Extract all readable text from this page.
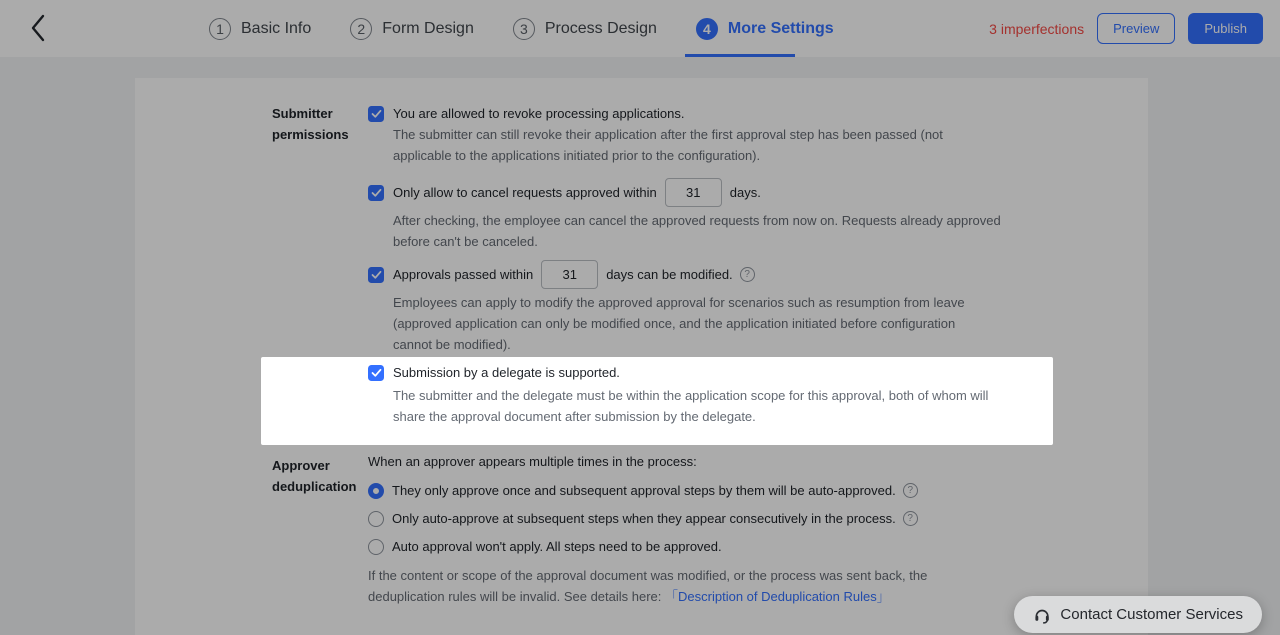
1	Basic Info	2	Form Design	3	Process Design	4	More Settings	3 imperfections	Preview	Publish
Submitter
permissions
You are allowed to revoke processing applications.
The submitter can still revoke their application after the first approval step has been passed (not
applicable to the applications initiated prior to the configuration).
Only allow to cancel requests approved within
31	days.
After checking, the employee can cancel the approved requests from now on. Requests already approved
before can't be canceled.
Approvals passed within
31	days can be modified.	?
Employees can apply to modify the approved approval for scenarios such as resumption from leave
(approved application can only be modified once, and the application initiated before configuration
cannot be modified).
Submission by a delegate is supported.
The submitter and the delegate must be within the application scope for this approval, both of whom will
share the approval document after submission by the delegate.
Approver
deduplication
When an approver appears multiple times in the process:
They only approve once and subsequent approval steps by them will be auto-approved.	?
Only auto-approve at subsequent steps when they appear consecutively in the process.	?
Auto approval won't apply. All steps need to be approved.
If the content or scope of the approval document was modified, or the process was sent back, the
deduplication rules will be invalid. See details here: 「Description of Deduplication Rules」
Contact Customer Services
